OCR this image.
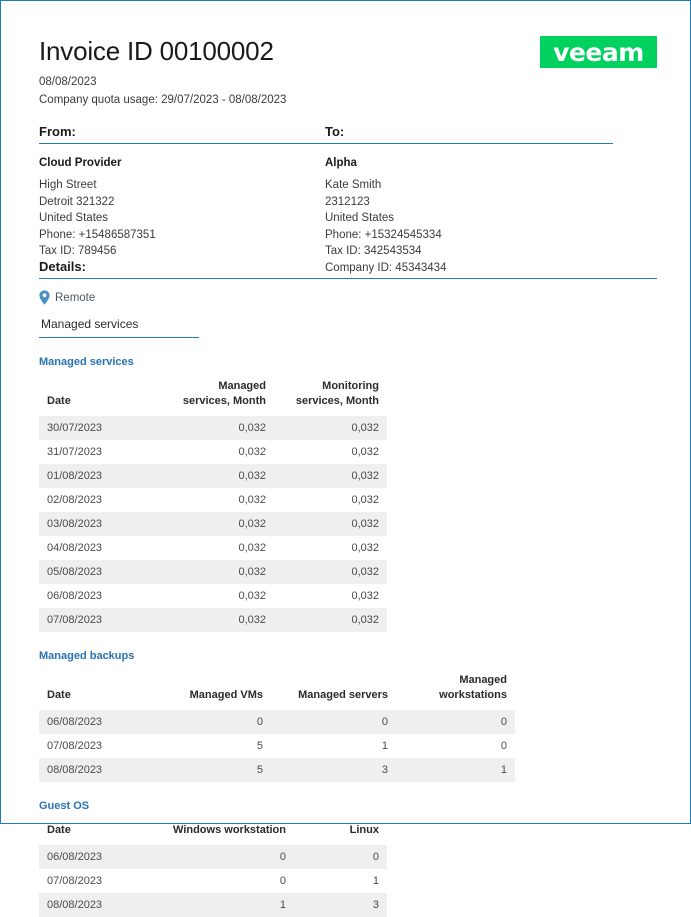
Invoice ID 00100002	veeam
08/08/2023
Company quota usage: 29/07/2023 - 08/08/2023
From:
Cloud Provider
High Street
Detroit 321322
United States
Phone: +15486587351
Tax ID: 789456
To:
Alpha
Kate Smith
2312123
United States
Phone: +15324545334
Tax ID: 342543534
Company ID: 45343434
Details:
Remote
Managed services
Managed services
Date	Managed services, Month	Monitoring services, Month
30/07/2023	0,032	0,032
31/07/2023	0,032	0,032
01/08/2023	0,032	0,032
02/08/2023	0,032	0,032
03/08/2023	0,032	0,032
04/08/2023	0,032	0,032
05/08/2023	0,032	0,032
06/08/2023	0,032	0,032
07/08/2023	0,032	0,032
Managed backups
Date	Managed VMs	Managed servers	Managed workstations
06/08/2023	0	0	0
07/08/2023	5	1	0
08/08/2023	5	3	1
Guest OS
Date	Windows workstation	Linux
06/08/2023	0	0
07/08/2023	0	1
08/08/2023	1	3
